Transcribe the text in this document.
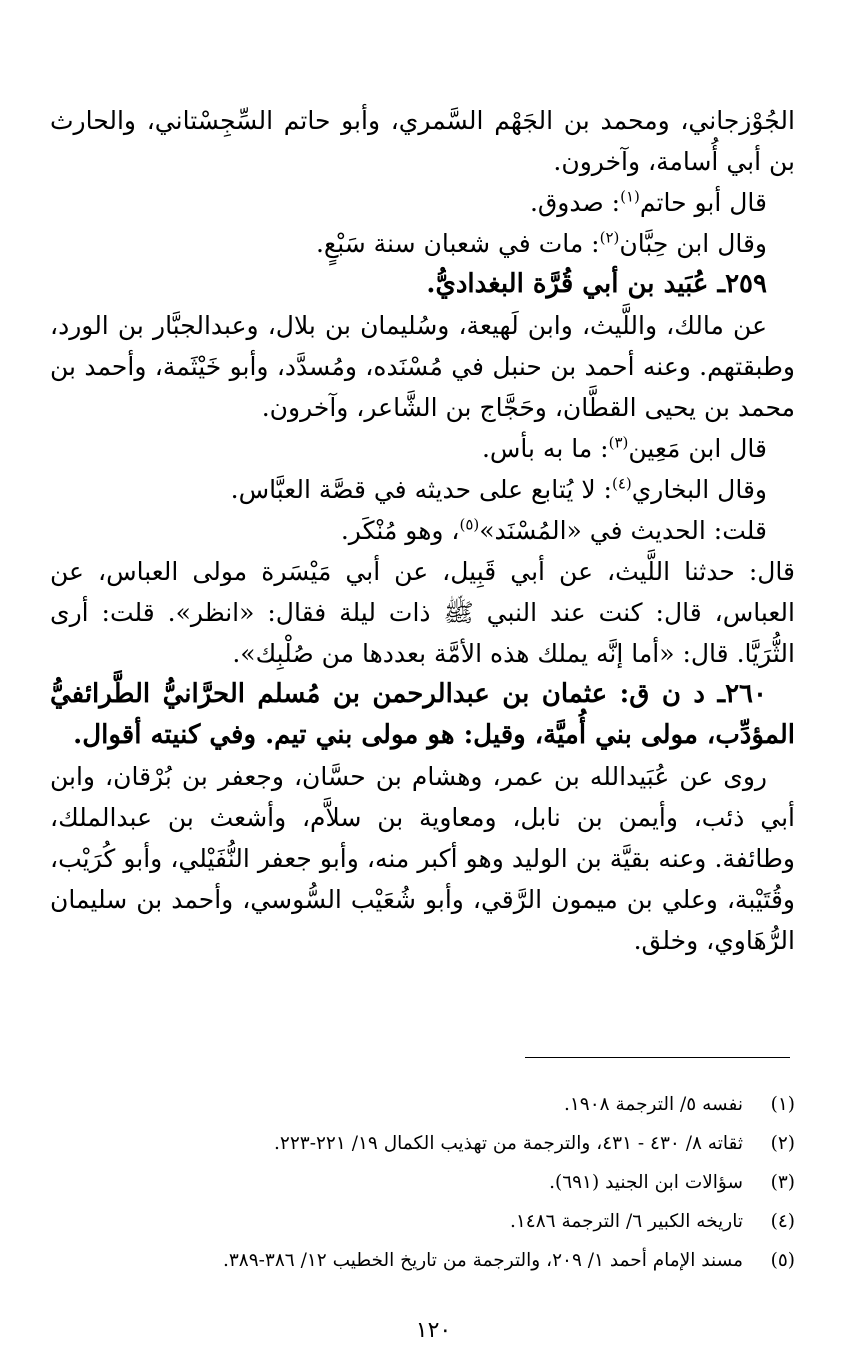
الجُوْزجاني، ومحمد بن الجَهْم السَّمري، وأبو حاتم السِّجِسْتاني، والحارث بن أبي أُسامة، وآخرون.

قال أبو حاتم$^{(١)}$: صدوق.

وقال ابن حِبَّان$^{(٢)}$: مات في شعبان سنة سَبْعٍ.

٢٥٩ـ عُبَيد بن أبي قُرَّة البغداديُّ.

عن مالك، واللَّيث، وابن لَهيعة، وسُليمان بن بلال، وعبدالجبَّار بن الورد، وطبقتهم. وعنه أحمد بن حنبل في مُسْنَده، ومُسدَّد، وأبو خَيْثَمة، وأحمد بن محمد بن يحيى القطَّان، وحَجَّاج بن الشَّاعر، وآخرون.

قال ابن مَعِين$^{(٣)}$: ما به بأس.

وقال البخاري$^{(٤)}$: لا يُتابع على حديثه في قصَّة العبَّاس.

قلت: الحديث في «المُسْنَد»$^{(٥)}$، وهو مُنْكَر.

قال: حدثنا اللَّيث، عن أبي قَبِيل، عن أبي مَيْسَرة مولى العباس، عن العباس، قال: كنت عند النبي ﷺ ذات ليلة فقال: «انظر». قلت: أرى الثُّرَيَّا. قال: «أما إنَّه يملك هذه الأمَّة بعددها من صُلْبِك».

٢٦٠ـ د ن ق: عثمان بن عبدالرحمن بن مُسلم الحرَّانيُّ الطَّرائفيُّ المؤدِّب، مولى بني أُميَّة، وقيل: هو مولى بني تيم. وفي كنيته أقوال.

روى عن عُبَيدالله بن عمر، وهشام بن حسَّان، وجعفر بن بُرْقان، وابن أبي ذئب، وأيمن بن نابل، ومعاوية بن سلاَّم، وأشعث بن عبدالملك، وطائفة. وعنه بقيَّة بن الوليد وهو أكبر منه، وأبو جعفر النُّفَيْلي، وأبو كُرَيْب، وقُتَيْبة، وعلي بن ميمون الرَّقي، وأبو شُعَيْب السُّوسي، وأحمد بن سليمان الرُّهَاوي، وخلق.

(١)
نفسه ٥/ الترجمة ١٩٠٨.
(٢)
ثقاته ٨/ ٤٣٠ - ٤٣١، والترجمة من تهذيب الكمال ١٩/ ٢٢١-٢٢٣.
(٣)
سؤالات ابن الجنيد (٦٩١).
(٤)
تاريخه الكبير ٦/ الترجمة ١٤٨٦.
(٥)
مسند الإمام أحمد ١/ ٢٠٩، والترجمة من تاريخ الخطيب ١٢/ ٣٨٦-٣٨٩.
١٢٠
